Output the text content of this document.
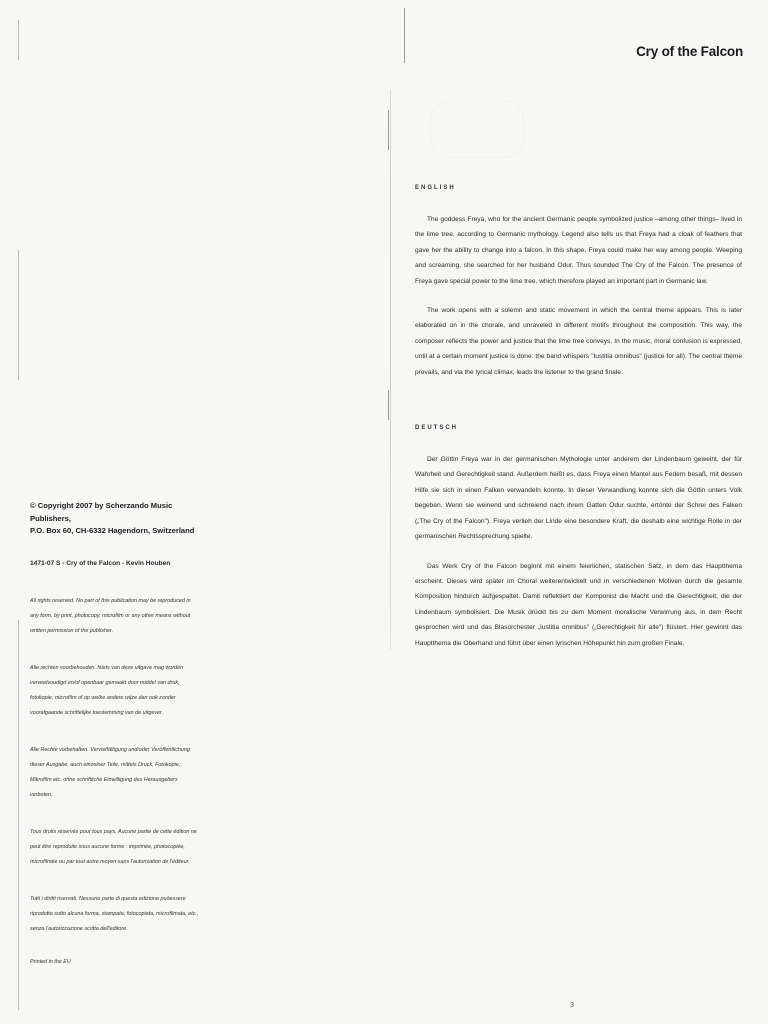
© Copyright 2007 by Scherzando Music Publishers,
P.O. Box 60, CH-6332 Hagendorn, Switzerland
1471-07 S - Cry of the Falcon - Kevin Houben

All rights reserved. No part of this publication may be reproduced in any form, by print, photocopy, microfilm or any other means without written permission of the publisher.

Alle rechten voorbehouden. Niets van deze uitgave mag worden verveelvoudigd en/of openbaar gemaakt door middel van druk, fotokopie, microfilm of op welke andere wijze dan ook zonder voorafgaande schriftelijke toestemming van de uitgever.

Alle Rechte vorbehalten. Vervielfältigung und/oder Veröffentlichung dieser Ausgabe, auch einzelner Teile, mittels Druck, Fotokopie, Mikrofilm etc. ohne schriftliche Einwilligung des Herausgebers verboten.

Tous droits réservés pour tous pays. Aucune partie de cette édition ne peut être reproduite sous aucune forme : imprimée, photocopiée, microfilmée ou par tout autre moyen sans l'autorisation de l'éditeur.

Tutti i diritti riservati. Nessuna parte di questa edizione puòessere riprodotta sotto alcuna forma, stampata, fotocopiata, microfilmata, etc., senza l'autorizzazione scritta dell'editore.

Printed in the EU
Cry of the Falcon
ENGLISH

The goddess Freya, who for the ancient Germanic people symbolized justice –among other things– lived in the lime tree, according to Germanic mythology. Legend also tells us that Freya had a cloak of feathers that gave her the ability to change into a falcon. In this shape, Freya could make her way among people. Weeping and screaming, she searched for her husband Odur. Thus sounded The Cry of the Falcon. The presence of Freya gave special power to the lime tree, which therefore played an important part in Germanic law.

The work opens with a solemn and static movement in which the central theme appears. This is later elaborated on in the chorale, and unraveled in different motifs throughout the composition. This way, the composer reflects the power and justice that the lime tree conveys. In the music, moral confusion is expressed, until at a certain moment justice is done: the band whispers "Iustitia omnibus" (justice for all). The central theme prevails, and via the lyrical climax, leads the listener to the grand finale.

DEUTSCH

Der Göttin Freya war in der germanischen Mythologie unter anderem der Lindenbaum geweiht, der für Wahrheit und Gerechtigkeit stand. Außerdem heißt es, dass Freya einen Mantel aus Federn besaß, mit dessen Hilfe sie sich in einen Falken verwandeln konnte. In dieser Verwandlung konnte sich die Göttin unters Volk begeben. Wenn sie weinend und schreiend nach ihrem Gatten Odur suchte, ertönte der Schrei des Falken („The Cry of the Falcon"). Freya verlieh der Linde eine besondere Kraft, die deshalb eine wichtige Rolle in der germanischen Rechtssprechung spielte.

Das Werk Cry of the Falcon beginnt mit einem feierlichen, statischen Satz, in dem das Hauptthema erscheint. Dieses wird später im Choral weiterentwickelt und in verschiedenen Motiven durch die gesamte Komposition hindurch aufgespaltet. Damit reflektiert der Komponist die Macht und die Gerechtigkeit, die der Lindenbaum symbolisiert. Die Musik drückt bis zu dem Moment moralische Verwirrung aus, in dem Recht gesprochen wird und das Blasorchester „Iustitia omnibus" („Gerechtigkeit für alle") flüstert. Hier gewinnt das Hauptthema die Oberhand und führt über einen lyrischen Höhepunkt hin zum großen Finale.

3
